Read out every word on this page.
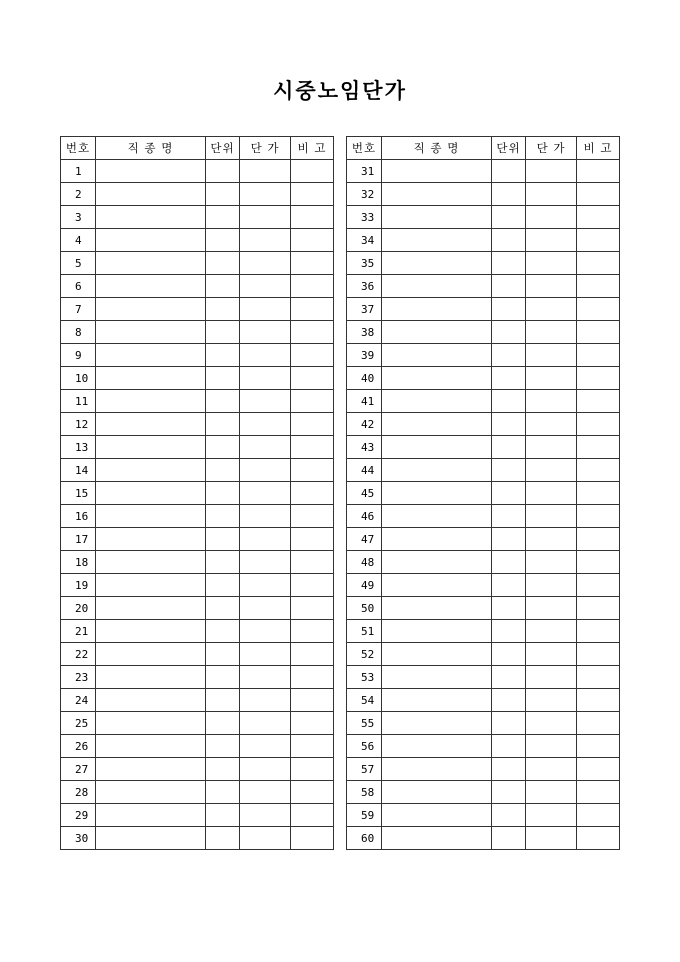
시중노임단가
번호	직 종 명	단위	단 가	비 고
1				
2				
3				
4				
5				
6				
7				
8				
9				
10				
11				
12				
13				
14				
15				
16				
17				
18				
19				
20				
21				
22				
23				
24				
25				
26				
27				
28				
29				
30				
번호	직 종 명	단위	단 가	비 고
31				
32				
33				
34				
35				
36				
37				
38				
39				
40				
41				
42				
43				
44				
45				
46				
47				
48				
49				
50				
51				
52				
53				
54				
55				
56				
57				
58				
59				
60				
